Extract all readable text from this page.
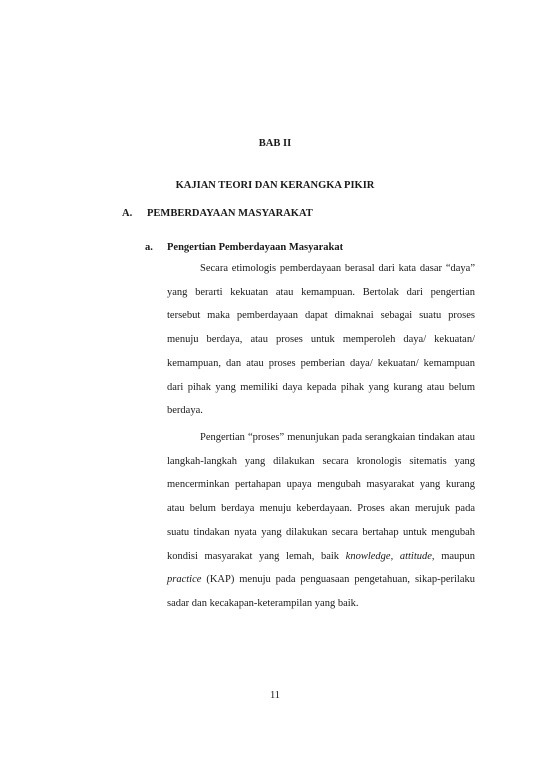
BAB II
KAJIAN TEORI DAN KERANGKA PIKIR
A. PEMBERDAYAAN MASYARAKAT
a. Pengertian Pemberdayaan Masyarakat

Secara etimologis pemberdayaan berasal dari kata dasar “daya” yang berarti kekuatan atau kemampuan. Bertolak dari pengertian tersebut maka pemberdayaan dapat dimaknai sebagai suatu proses menuju berdaya, atau proses untuk memperoleh daya/ kekuatan/ kemampuan, dan atau proses pemberian daya/ kekuatan/ kemampuan dari pihak yang memiliki daya kepada pihak yang kurang atau belum berdaya.

Pengertian “proses” menunjukan pada serangkaian tindakan atau langkah-langkah yang dilakukan secara kronologis sitematis yang mencerminkan pertahapan upaya mengubah masyarakat yang kurang atau belum berdaya menuju keberdayaan. Proses akan merujuk pada suatu tindakan nyata yang dilakukan secara bertahap untuk mengubah kondisi masyarakat yang lemah, baik knowledge, attitude, maupun practice (KAP) menuju pada penguasaan pengetahuan, sikap-perilaku sadar dan kecakapan-keterampilan yang baik.

11
